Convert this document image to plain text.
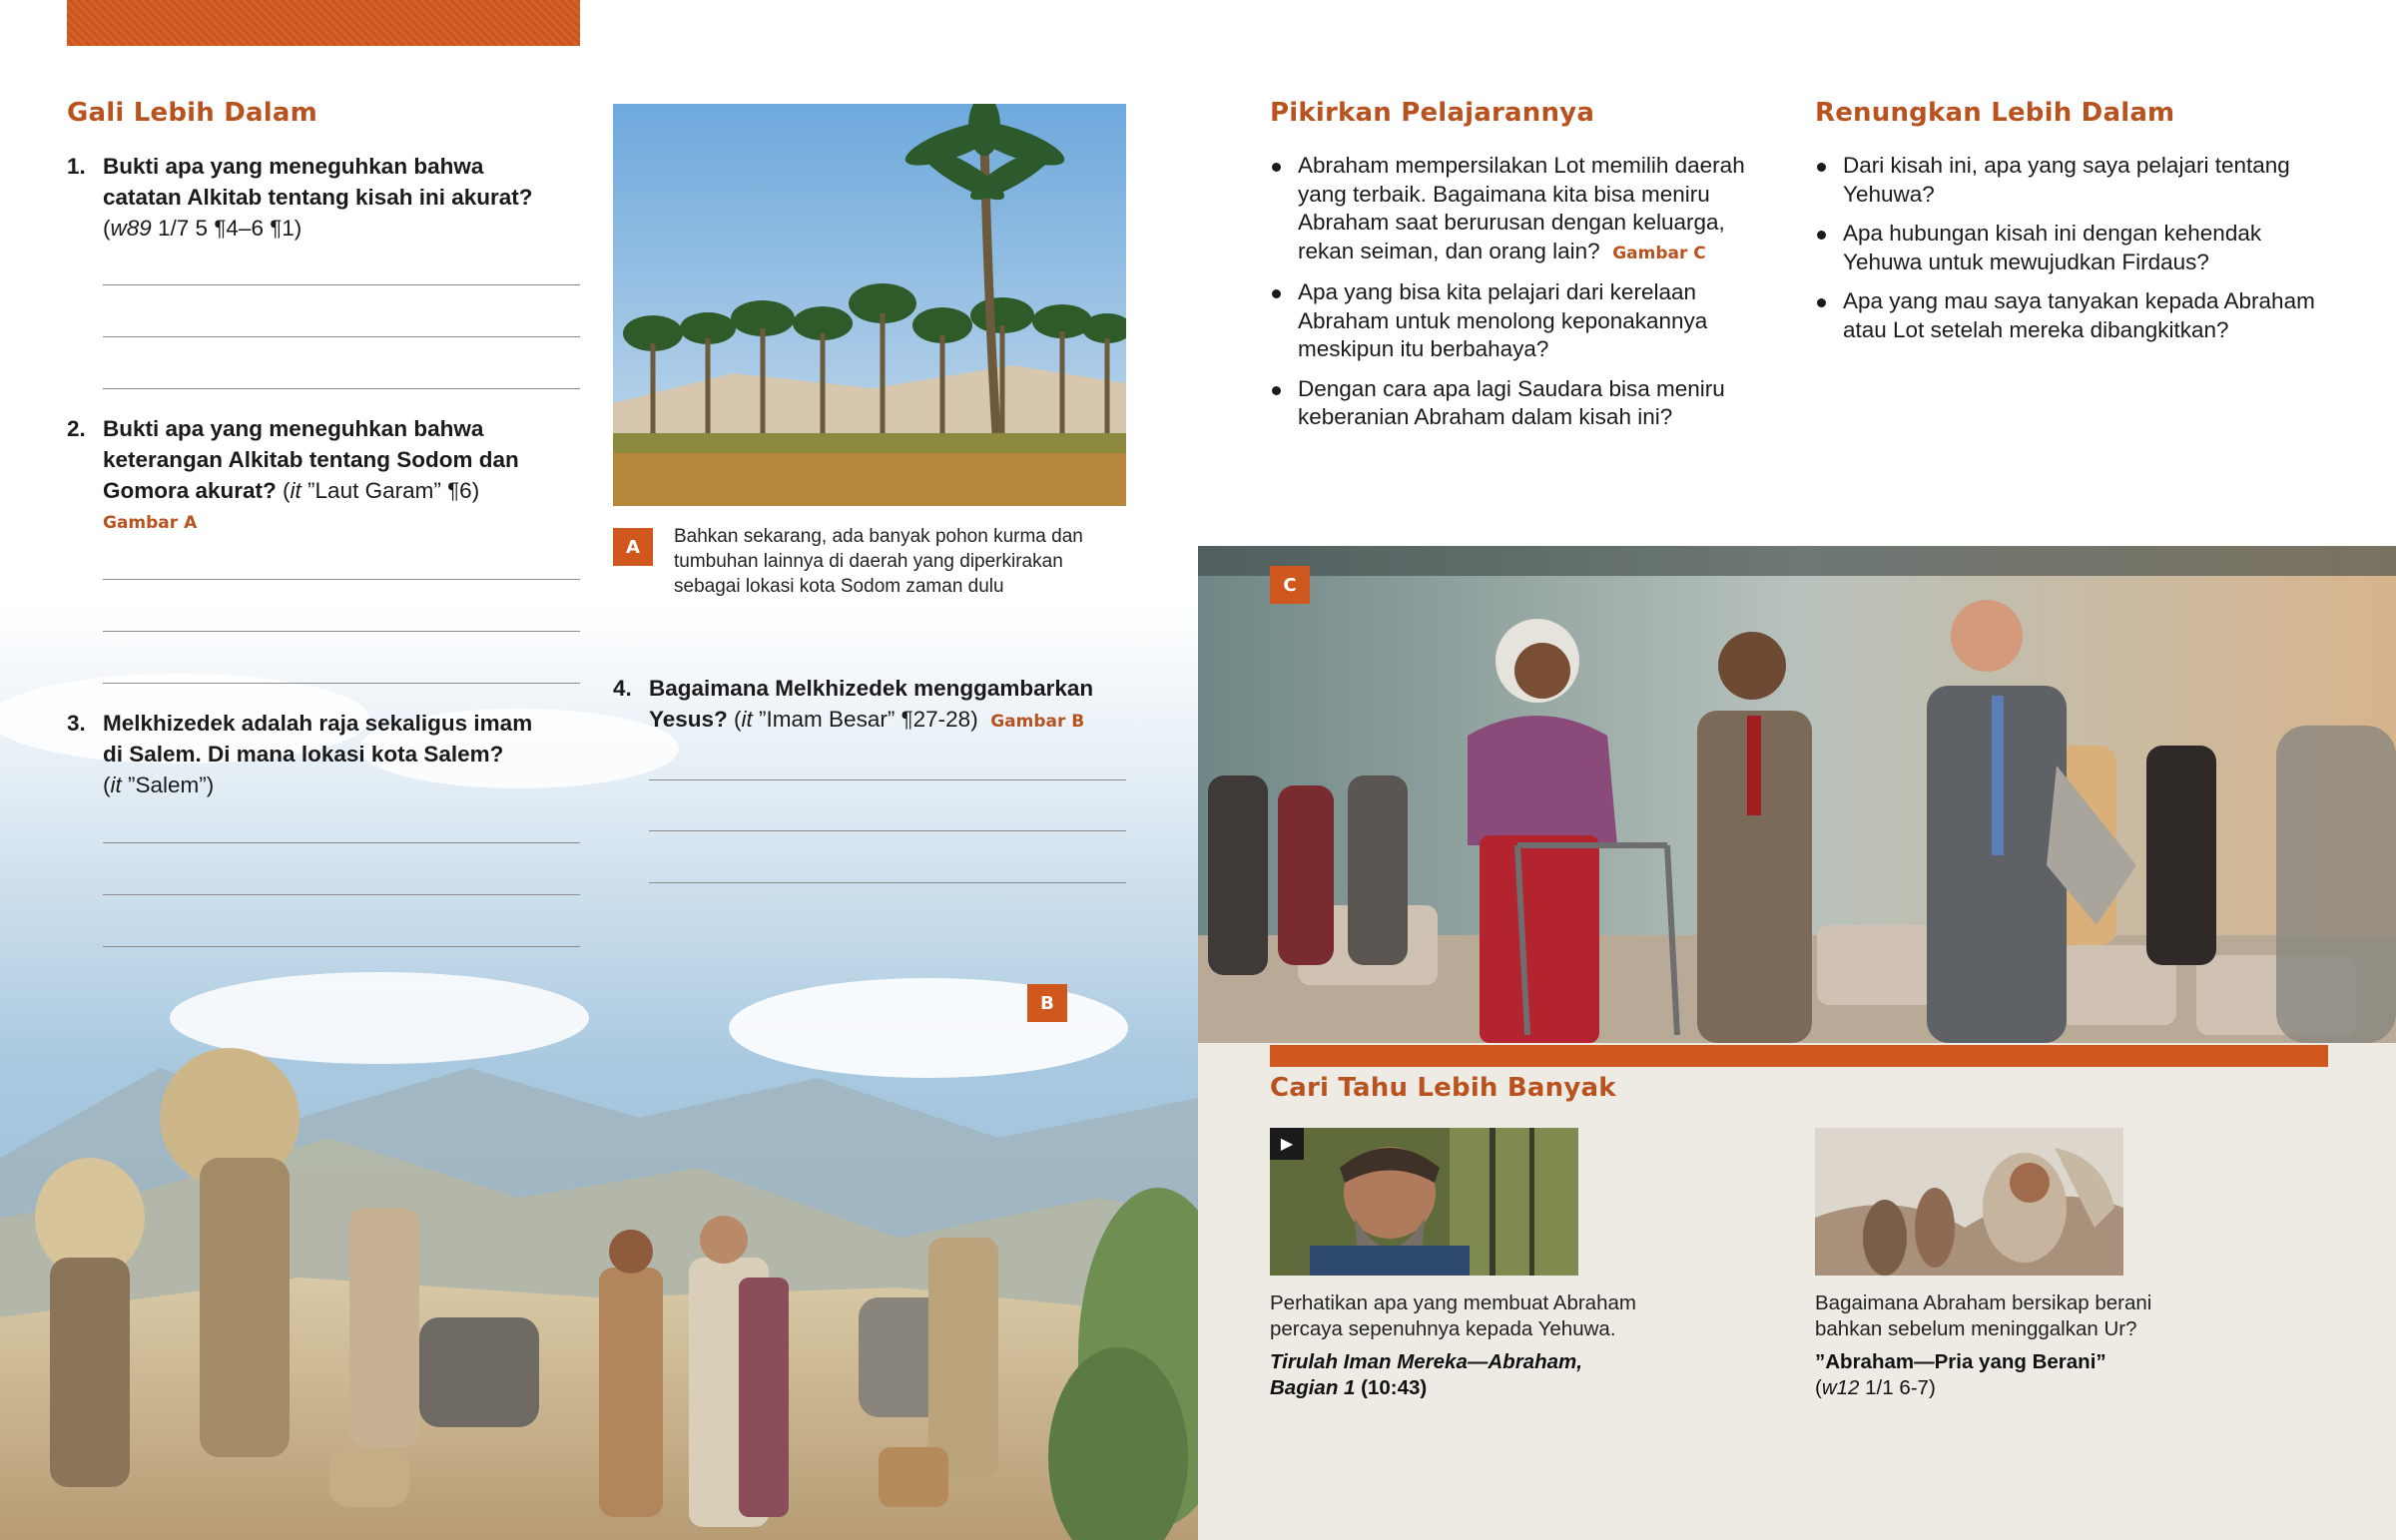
Gali Lebih Dalam
1. Bukti apa yang meneguhkan bahwa
catatan Alkitab tentang kisah ini akurat?
(w89 1/7 5 ¶4–6 ¶1)
2. Bukti apa yang meneguhkan bahwa
keterangan Alkitab tentang Sodom dan
Gomora akurat? (it ”Laut Garam” ¶6)
Gambar A
3. Melkhizedek adalah raja sekaligus imam
di Salem. Di mana lokasi kota Salem?
(it ”Salem”)
A	Bahkan sekarang, ada banyak pohon kurma dan tumbuhan lainnya di daerah yang diperkirakan sebagai lokasi kota Sodom zaman dulu
4. Bagaimana Melkhizedek menggambarkan
Yesus? (it ”Imam Besar” ¶27-28) Gambar B
B
Pikirkan Pelajarannya
Abraham mempersilakan Lot memilih daerah yang terbaik. Bagaimana kita bisa meniru Abraham saat berurusan dengan keluarga, rekan seiman, dan orang lain? Gambar C
Apa yang bisa kita pelajari dari kerelaan Abraham untuk menolong keponakannya meskipun itu berbahaya?
Dengan cara apa lagi Saudara bisa meniru keberanian Abraham dalam kisah ini?
Renungkan Lebih Dalam
Dari kisah ini, apa yang saya pelajari tentang Yehuwa?
Apa hubungan kisah ini dengan kehendak Yehuwa untuk mewujudkan Firdaus?
Apa yang mau saya tanyakan kepada Abraham atau Lot setelah mereka dibangkitkan?
C
Cari Tahu Lebih Banyak
▶
Perhatikan apa yang membuat Abraham percaya sepenuhnya kepada Yehuwa.
Tirulah Iman Mereka—Abraham, Bagian 1 (10:43)
Bagaimana Abraham bersikap berani bahkan sebelum meninggalkan Ur?
”Abraham—Pria yang Berani”
(w12 1/1 6-7)
